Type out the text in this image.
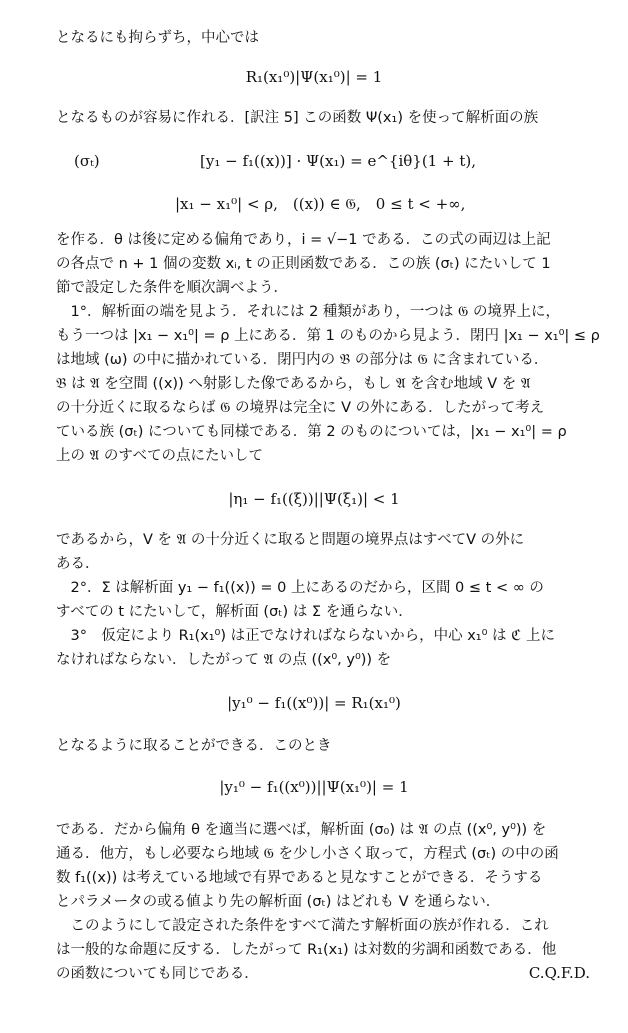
となるにも拘らずち，中心では
R₁(x₁⁰)|Ψ(x₁⁰)| = 1
となるものが容易に作れる．[訳注 5] この函数 Ψ(x₁) を使って解析面の族
(σₜ)	[y₁ − f₁((x))] · Ψ(x₁) = e^{iθ}(1 + t),
|x₁ − x₁⁰| < ρ,　((x)) ∈ 𝔊,　0 ≤ t < +∞,
を作る．θ は後に定める偏角であり，i = √−1 である．この式の両辺は上記
の各点で n + 1 個の変数 xᵢ, t の正則函数である．この族 (σₜ) にたいして 1
節で設定した条件を順次調べよう．
　1°．解析面の端を見よう．それには 2 種類があり，一つは 𝔊 の境界上に，
もう一つは |x₁ − x₁⁰| = ρ 上にある．第 1 のものから見よう．閉円 |x₁ − x₁⁰| ≤ ρ
は地域 (ω) の中に描かれている．閉円内の 𝔅 の部分は 𝔊 に含まれている．
𝔅 は 𝔄 を空間 ((x)) へ射影した像であるから，もし 𝔄 を含む地域 V を 𝔄
の十分近くに取るならば 𝔊 の境界は完全に V の外にある．したがって考え
ている族 (σₜ) についても同様である．第 2 のものについては，|x₁ − x₁⁰| = ρ
上の 𝔄 のすべての点にたいして
|η₁ − f₁((ξ))||Ψ(ξ₁)| < 1
であるから，V を 𝔄 の十分近くに取ると問題の境界点はすべてV の外に
ある．
　2°．Σ は解析面 y₁ − f₁((x)) = 0 上にあるのだから，区間 0 ≤ t < ∞ の
すべての t にたいして，解析面 (σₜ) は Σ を通らない．
　3°　仮定により R₁(x₁⁰) は正でなければならないから，中心 x₁⁰ は ℭ 上に
なければならない．したがって 𝔄 の点 ((x⁰, y⁰)) を
|y₁⁰ − f₁((x⁰))| = R₁(x₁⁰)
となるように取ることができる．このとき
|y₁⁰ − f₁((x⁰))||Ψ(x₁⁰)| = 1
である．だから偏角 θ を適当に選べば，解析面 (σ₀) は 𝔄 の点 ((x⁰, y⁰)) を
通る．他方，もし必要なら地域 𝔊 を少し小さく取って，方程式 (σₜ) の中の函
数 f₁((x)) は考えている地域で有界であると見なすことができる．そうする
とパラメータの或る値より先の解析面 (σₜ) はどれも V を通らない．
　このようにして設定された条件をすべて満たす解析面の族が作れる．これ
は一般的な命題に反する．したがって R₁(x₁) は対数的劣調和函数である．他
の函数についても同じである．	C.Q.F.D.
